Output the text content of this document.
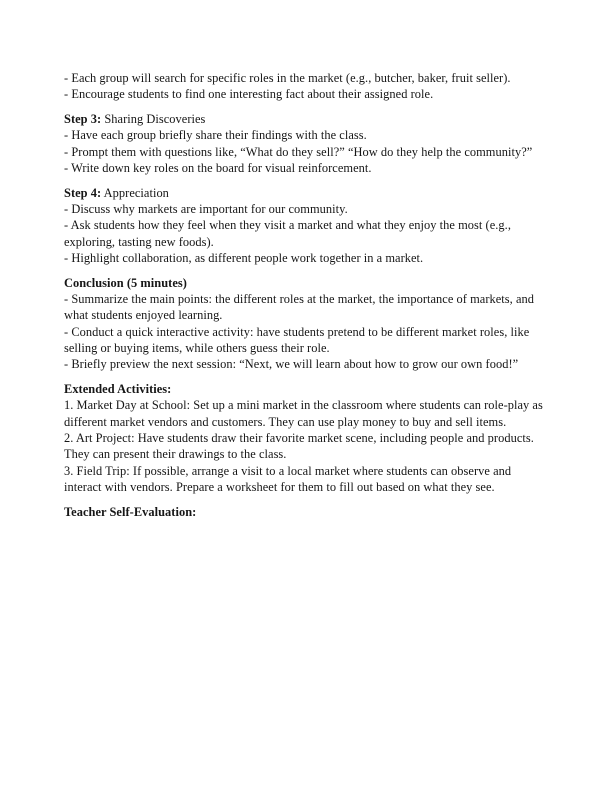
- Each group will search for specific roles in the market (e.g., butcher, baker, fruit seller).
- Encourage students to find one interesting fact about their assigned role.
Step 3: Sharing Discoveries
- Have each group briefly share their findings with the class.
- Prompt them with questions like, “What do they sell?” “How do they help the community?”
- Write down key roles on the board for visual reinforcement.
Step 4: Appreciation
- Discuss why markets are important for our community.
- Ask students how they feel when they visit a market and what they enjoy the most (e.g.,
exploring, tasting new foods).
- Highlight collaboration, as different people work together in a market.
Conclusion (5 minutes)
- Summarize the main points: the different roles at the market, the importance of markets, and
what students enjoyed learning.
- Conduct a quick interactive activity: have students pretend to be different market roles, like
selling or buying items, while others guess their role.
- Briefly preview the next session: “Next, we will learn about how to grow our own food!”
Extended Activities:
1. Market Day at School: Set up a mini market in the classroom where students can role-play as
different market vendors and customers. They can use play money to buy and sell items.
2. Art Project: Have students draw their favorite market scene, including people and products.
They can present their drawings to the class.
3. Field Trip: If possible, arrange a visit to a local market where students can observe and
interact with vendors. Prepare a worksheet for them to fill out based on what they see.
Teacher Self-Evaluation:
